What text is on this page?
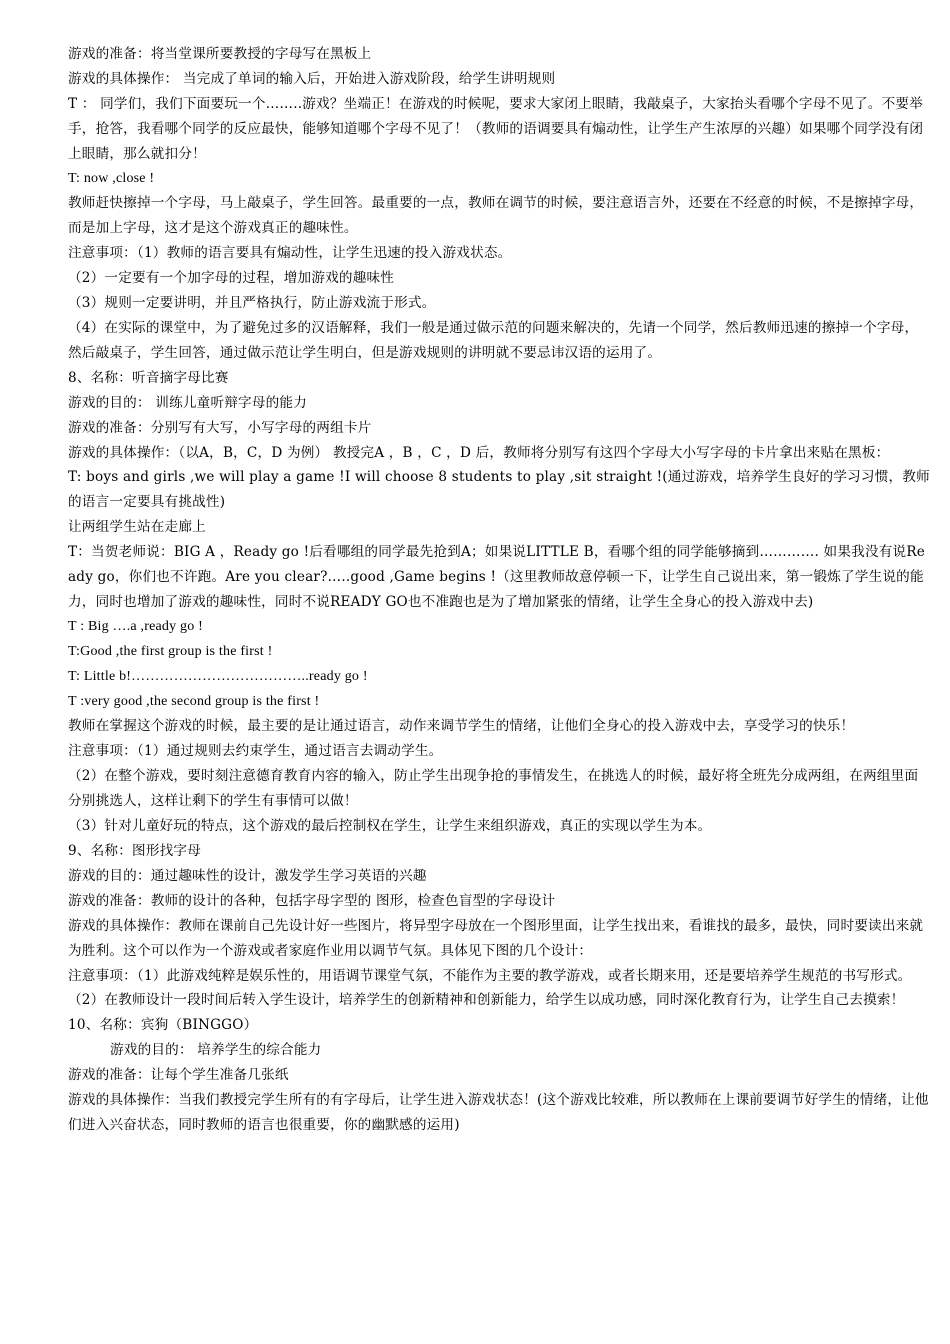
游戏的准备：将当堂课所要教授的字母写在黑板上

游戏的具体操作： 当完成了单词的输入后，开始进入游戏阶段，给学生讲明规则

T ： 同学们，我们下面要玩一个……..游戏？坐端正！在游戏的时候呢，要求大家闭上眼睛，我敲桌子，大家抬头看哪个字母不见了。不要举手，抢答，我看哪个同学的反应最快，能够知道哪个字母不见了！（教师的语调要具有煽动性，让学生产生浓厚的兴趣）如果哪个同学没有闭上眼睛，那么就扣分！

T: now ,close !

教师赶快擦掉一个字母，马上敲桌子，学生回答。最重要的一点，教师在调节的时候，要注意语言外，还要在不经意的时候，不是擦掉字母，而是加上字母，这才是这个游戏真正的趣味性。

注意事项：（1）教师的语言要具有煽动性，让学生迅速的投入游戏状态。

（2）一定要有一个加字母的过程，增加游戏的趣味性

（3）规则一定要讲明，并且严格执行，防止游戏流于形式。

（4）在实际的课堂中，为了避免过多的汉语解释，我们一般是通过做示范的问题来解决的，先请一个同学，然后教师迅速的擦掉一个字母，然后敲桌子，学生回答，通过做示范让学生明白，但是游戏规则的讲明就不要忌讳汉语的运用了。

8、名称：听音摘字母比赛

游戏的目的： 训练儿童听辩字母的能力

游戏的准备：分别写有大写，小写字母的两组卡片

游戏的具体操作：（以A，B，C，D 为例） 教授完A ，B ，C ，D 后，教师将分别写有这四个字母大小写字母的卡片拿出来贴在黑板：

T: boys and girls ,we will play a game !I will choose 8 students to play ,sit straight !(通过游戏，培养学生良好的学习习惯，教师的语言一定要具有挑战性)

让两组学生站在走廊上

T：当贺老师说：BIG A ，Ready go !后看哪组的同学最先抢到A；如果说LITTLE B，看哪个组的同学能够摘到…………. 如果我没有说Ready go，你们也不许跑。Are you clear?…..good ,Game begins !（这里教师故意停顿一下，让学生自己说出来，第一锻炼了学生说的能力，同时也增加了游戏的趣味性，同时不说READY GO也不准跑也是为了增加紧张的情绪，让学生全身心的投入游戏中去)

T : Big ….a ,ready go !

T:Good ,the first group is the first !

T: Little b!………………………………..ready go !

T :very good ,the second group is the first !

教师在掌握这个游戏的时候，最主要的是让通过语言，动作来调节学生的情绪，让他们全身心的投入游戏中去，享受学习的快乐！

注意事项：（1）通过规则去约束学生，通过语言去调动学生。

（2）在整个游戏，要时刻注意德育教育内容的输入，防止学生出现争抢的事情发生，在挑选人的时候，最好将全班先分成两组，在两组里面分别挑选人，这样让剩下的学生有事情可以做！

（3）针对儿童好玩的特点，这个游戏的最后控制权在学生，让学生来组织游戏，真正的实现以学生为本。

9、名称：图形找字母

游戏的目的：通过趣味性的设计，激发学生学习英语的兴趣

游戏的准备：教师的设计的各种，包括字母字型的 图形，检查色盲型的字母设计

游戏的具体操作：教师在课前自己先设计好一些图片，将异型字母放在一个图形里面，让学生找出来，看谁找的最多，最快，同时要读出来就为胜利。这个可以作为一个游戏或者家庭作业用以调节气氛。具体见下图的几个设计：

注意事项：（1）此游戏纯粹是娱乐性的，用语调节课堂气氛，不能作为主要的教学游戏，或者长期来用，还是要培养学生规范的书写形式。

（2）在教师设计一段时间后转入学生设计，培养学生的创新精神和创新能力，给学生以成功感，同时深化教育行为，让学生自己去摸索！

10、名称：宾狗（BINGGO）

游戏的目的： 培养学生的综合能力

游戏的准备：让每个学生准备几张纸

游戏的具体操作：当我们教授完学生所有的有字母后，让学生进入游戏状态！(这个游戏比较难，所以教师在上课前要调节好学生的情绪，让他们进入兴奋状态，同时教师的语言也很重要，你的幽默感的运用)
